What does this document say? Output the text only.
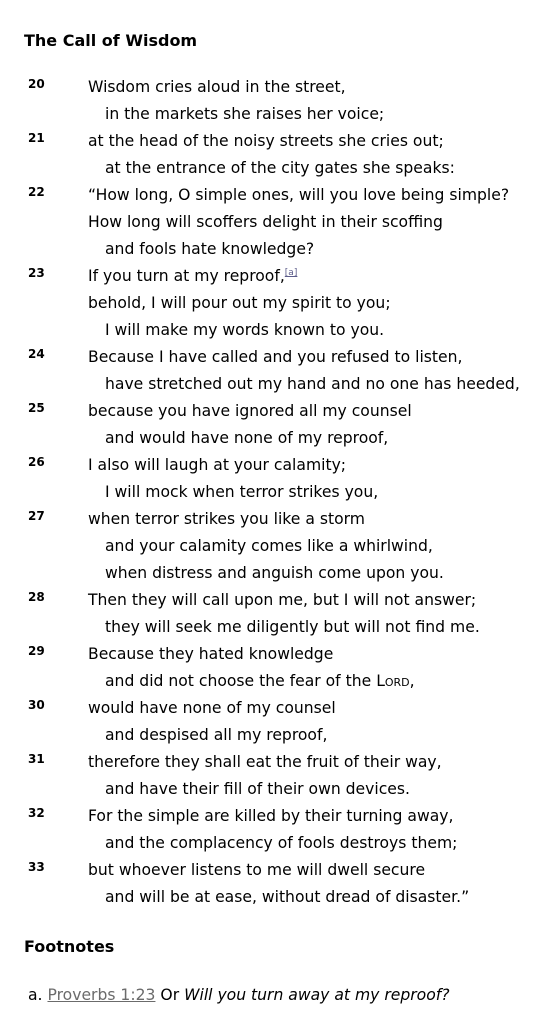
The Call of Wisdom
20	Wisdom cries aloud in the street,
in the markets she raises her voice;
21	at the head of the noisy streets she cries out;
at the entrance of the city gates she speaks:
22	“How long, O simple ones, will you love being simple?
How long will scoffers delight in their scoffing
and fools hate knowledge?
23	If you turn at my reproof,[a]
behold, I will pour out my spirit to you;
I will make my words known to you.
24	Because I have called and you refused to listen,
have stretched out my hand and no one has heeded,
25	because you have ignored all my counsel
and would have none of my reproof,
26	I also will laugh at your calamity;
I will mock when terror strikes you,
27	when terror strikes you like a storm
and your calamity comes like a whirlwind,
when distress and anguish come upon you.
28	Then they will call upon me, but I will not answer;
they will seek me diligently but will not find me.
29	Because they hated knowledge
and did not choose the fear of the Lord,
30	would have none of my counsel
and despised all my reproof,
31	therefore they shall eat the fruit of their way,
and have their fill of their own devices.
32	For the simple are killed by their turning away,
and the complacency of fools destroys them;
33	but whoever listens to me will dwell secure
and will be at ease, without dread of disaster.”
Footnotes
a. Proverbs 1:23 Or Will you turn away at my reproof?
